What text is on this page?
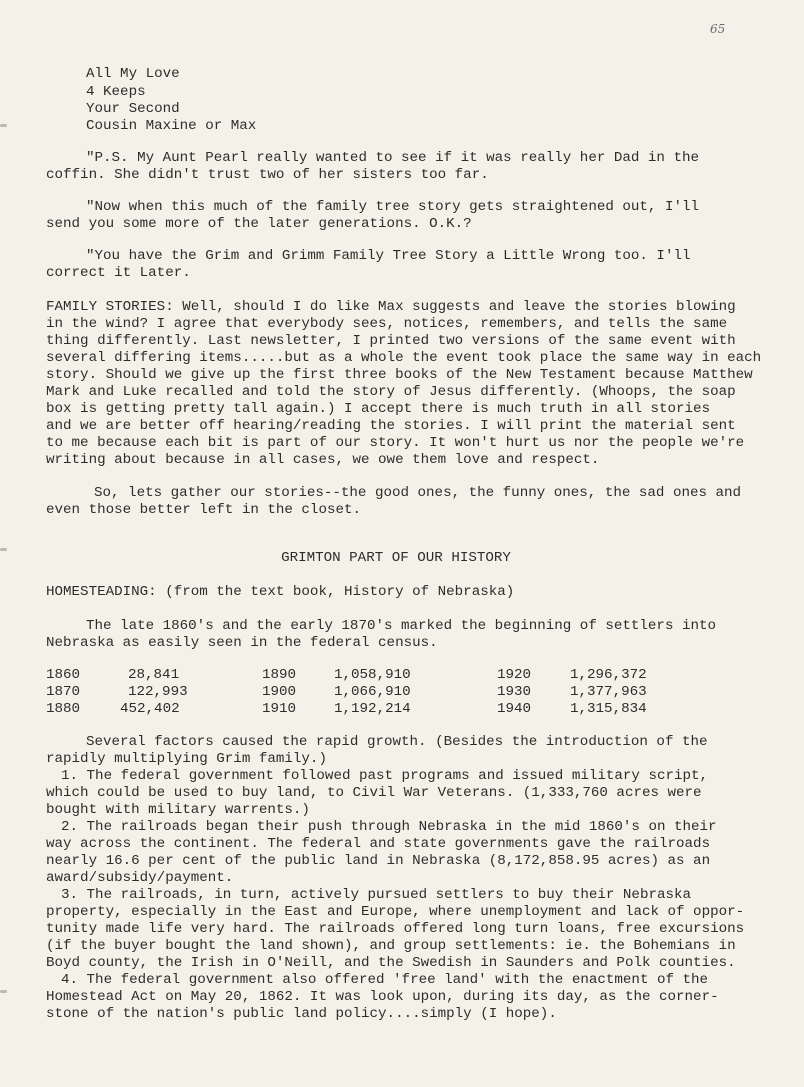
65
All My Love
4 Keeps
Your Second
Cousin Maxine or Max
"P.S. My Aunt Pearl really wanted to see if it was really her Dad in the
coffin. She didn't trust two of her sisters too far.
"Now when this much of the family tree story gets straightened out, I'll
send you some more of the later generations. O.K.?
"You have the Grim and Grimm Family Tree Story a Little Wrong too. I'll
correct it Later.
FAMILY STORIES: Well, should I do like Max suggests and leave the stories blowing
in the wind? I agree that everybody sees, notices, remembers, and tells the same
thing differently. Last newsletter, I printed two versions of the same event with
several differing items.....but as a whole the event took place the same way in each
story. Should we give up the first three books of the New Testament because Matthew
Mark and Luke recalled and told the story of Jesus differently. (Whoops, the soap
box is getting pretty tall again.) I accept there is much truth in all stories
and we are better off hearing/reading the stories. I will print the material sent
to me because each bit is part of our story. It won't hurt us nor the people we're
writing about because in all cases, we owe them love and respect.
So, lets gather our stories--the good ones, the funny ones, the sad ones and
even those better left in the closet.
GRIMTON PART OF OUR HISTORY
HOMESTEADING: (from the text book, History of Nebraska)
The late 1860's and the early 1870's marked the beginning of settlers into
Nebraska as easily seen in the federal census.
1860	28,841	1890	1,058,910	1920	1,296,372
1870	122,993	1900	1,066,910	1930	1,377,963
1880	452,402	1910	1,192,214	1940	1,315,834
Several factors caused the rapid growth. (Besides the introduction of the
rapidly multiplying Grim family.)
1. The federal government followed past programs and issued military script,
which could be used to buy land, to Civil War Veterans. (1,333,760 acres were
bought with military warrents.)
2. The railroads began their push through Nebraska in the mid 1860's on their
way across the continent. The federal and state governments gave the railroads
nearly 16.6 per cent of the public land in Nebraska (8,172,858.95 acres) as an
award/subsidy/payment.
3. The railroads, in turn, actively pursued settlers to buy their Nebraska
property, especially in the East and Europe, where unemployment and lack of oppor-
tunity made life very hard. The railroads offered long turn loans, free excursions
(if the buyer bought the land shown), and group settlements: ie. the Bohemians in
Boyd county, the Irish in O'Neill, and the Swedish in Saunders and Polk counties.
4. The federal government also offered 'free land' with the enactment of the
Homestead Act on May 20, 1862. It was look upon, during its day, as the corner-
stone of the nation's public land policy....simply (I hope).
